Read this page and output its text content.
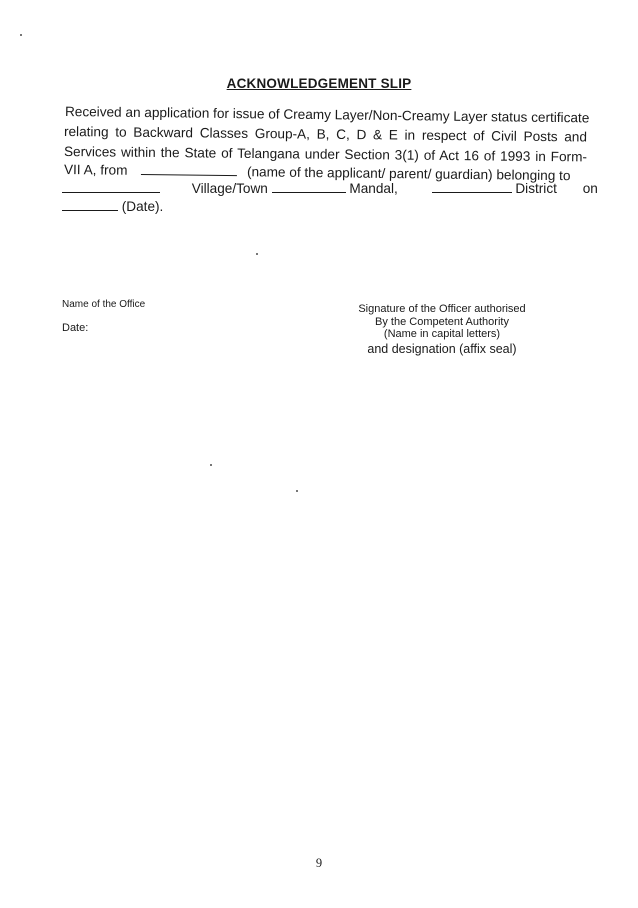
ACKNOWLEDGEMENT SLIP
Received an application for issue of Creamy Layer/Non-Creamy Layer status certificate
relating to Backward Classes Group-A, B, C, D & E in respect of Civil Posts and
Services within the State of Telangana under Section 3(1) of Act 16 of 1993 in Form-
VII A, from	(name of the applicant/ parent/ guardian) belonging to
Village/Town	Mandal,	District on
(Date).
Name of the Office
Date:
Signature of the Officer authorised
By the Competent Authority
(Name in capital letters)
and designation (affix seal)
9
